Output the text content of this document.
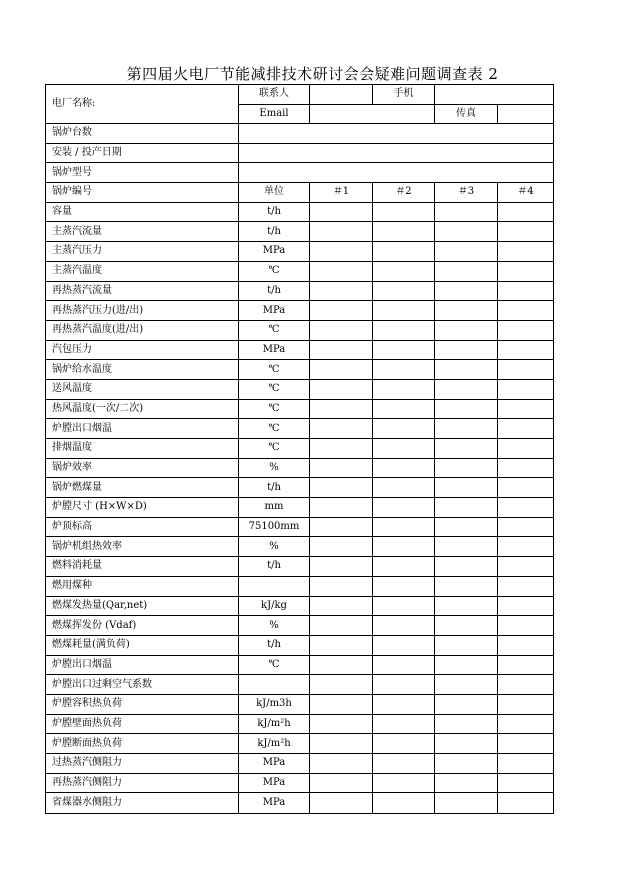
第四届火电厂节能减排技术研讨会会疑难问题调查表 2
电厂名称:
联系人	手机
Email	传真
锅炉台数
安装 / 投产日期
锅炉型号
锅炉编号	单位	＃1	＃2	＃3	＃4
容量	t/h
主蒸汽流量	t/h
主蒸汽压力	MPa
主蒸汽温度	℃
再热蒸汽流量	t/h
再热蒸汽压力(进/出)	MPa
再热蒸汽温度(进/出)	℃
汽包压力	MPa
锅炉给水温度	℃
送风温度	℃
热风温度(一次/二次)	℃
炉膛出口烟温	℃
排烟温度	℃
锅炉效率	%
锅炉燃煤量	t/h
炉膛尺寸 (H×W×D)	mm
炉顶标高	75100mm
锅炉机组热效率	%
燃料消耗量	t/h
燃用煤种
燃煤发热量(Qar,net)	kJ/kg
燃煤挥发份 (Vdaf)	%
燃煤耗量(满负荷)	t/h
炉膛出口烟温	℃
炉膛出口过剩空气系数
炉膛容积热负荷	kJ/m3h
炉膛壁面热负荷	kJ/m²h
炉膛断面热负荷	kJ/m²h
过热蒸汽侧阻力	MPa
再热蒸汽侧阻力	MPa
省煤器水侧阻力	MPa
